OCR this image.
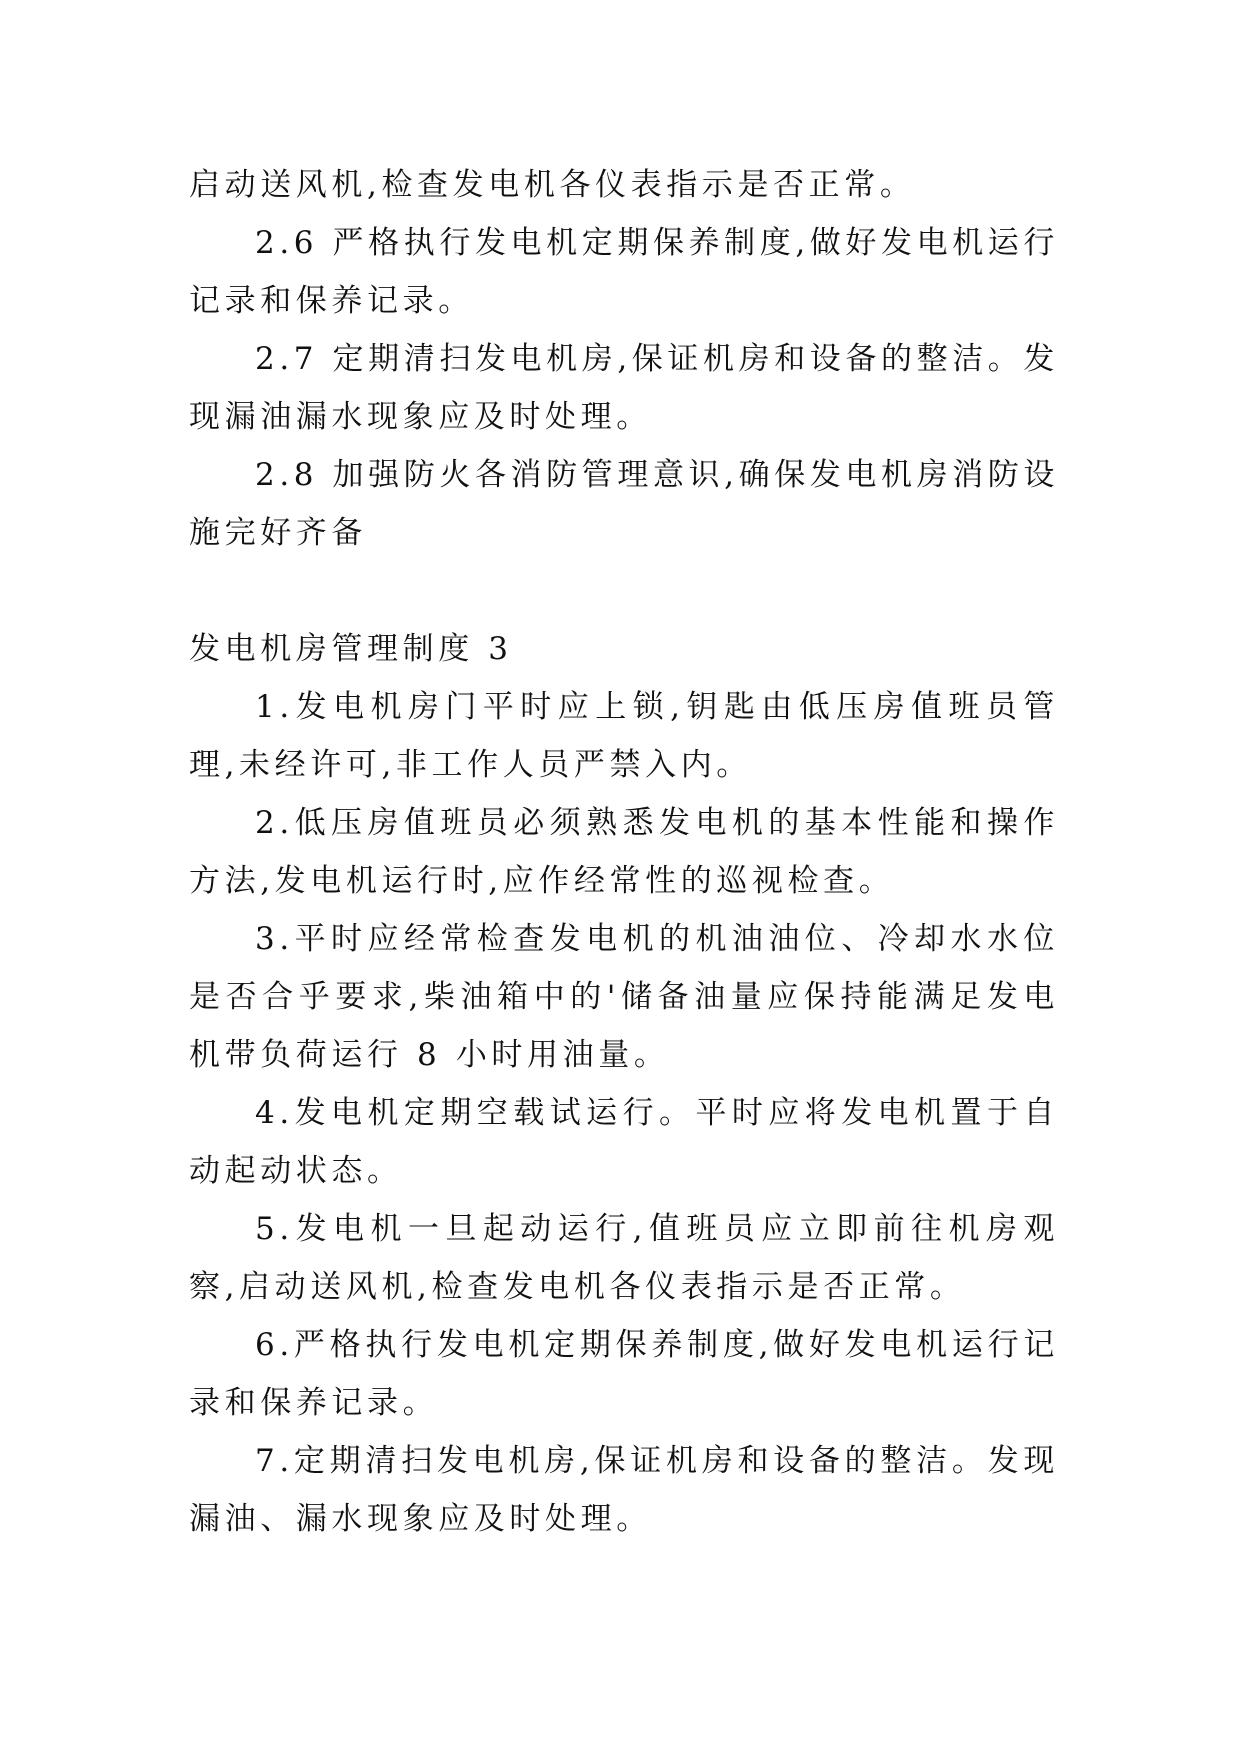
启动送风机,检查发电机各仪表指示是否正常。

2.6 严格执行发电机定期保养制度,做好发电机运行记录和保养记录。

2.7 定期清扫发电机房,保证机房和设备的整洁。发现漏油漏水现象应及时处理。

2.8 加强防火各消防管理意识,确保发电机房消防设施完好齐备

发电机房管理制度 3

1.发电机房门平时应上锁,钥匙由低压房值班员管理,未经许可,非工作人员严禁入内。

2.低压房值班员必须熟悉发电机的基本性能和操作方法,发电机运行时,应作经常性的巡视检查。

3.平时应经常检查发电机的机油油位、冷却水水位是否合乎要求,柴油箱中的'储备油量应保持能满足发电机带负荷运行 8 小时用油量。

4.发电机定期空载试运行。平时应将发电机置于自动起动状态。

5.发电机一旦起动运行,值班员应立即前往机房观察,启动送风机,检查发电机各仪表指示是否正常。

6.严格执行发电机定期保养制度,做好发电机运行记录和保养记录。

7.定期清扫发电机房,保证机房和设备的整洁。发现漏油、漏水现象应及时处理。
